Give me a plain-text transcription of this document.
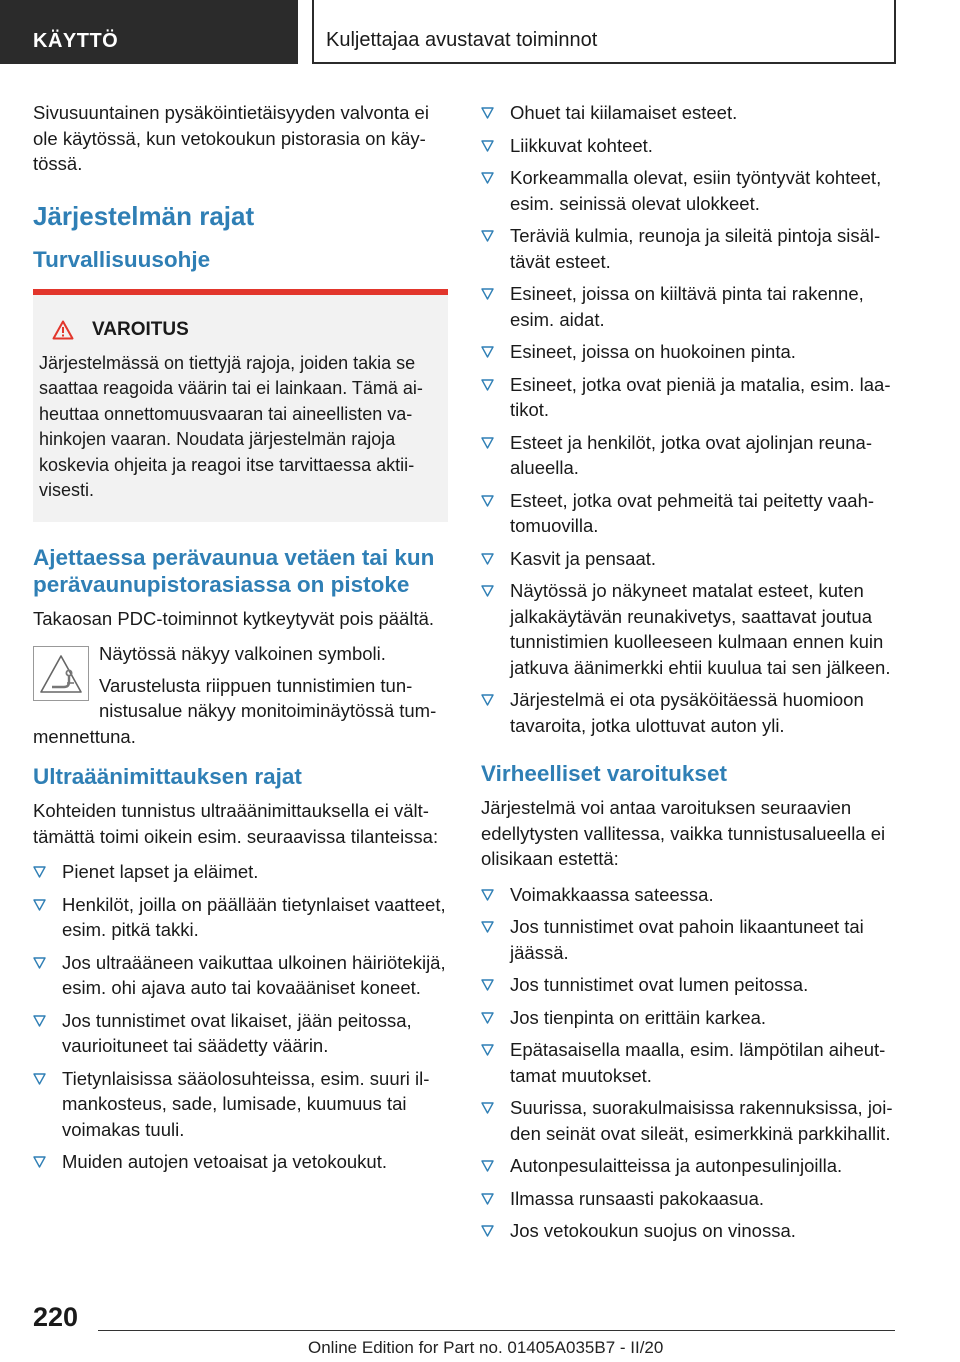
KÄYTTÖ	Kuljettajaa avustavat toiminnot

Sivusuuntainen pysäköintietäisyyden valvonta ei ole käytössä, kun vetokoukun pistorasia on käytössä.

Järjestelmän rajat
Turvallisuusohje
VAROITUS

Järjestelmässä on tiettyjä rajoja, joiden takia se saattaa reagoida väärin tai ei lainkaan. Tämä aiheuttaa onnettomuusvaaran tai aineellisten vahinkojen vaaran. Noudata järjestelmän rajoja koskevia ohjeita ja reagoi itse tarvittaessa aktiivisesti.

Ajettaessa perävaunua vetäen tai kun perävaunupistorasiassa on pistoke

Takaosan PDC-toiminnot kytkeytyvät pois päältä.

Näytössä näkyy valkoinen symboli.

Varustelusta riippuen tunnistimien tunnistusalue näkyy monitoiminäytössä tummennettuna.

Ultraäänimittauksen rajat

Kohteiden tunnistus ultraäänimittauksella ei välttämättä toimi oikein esim. seuraavissa tilanteissa:

Pienet lapset ja eläimet.
Henkilöt, joilla on päällään tietynlaiset vaatteet, esim. pitkä takki.
Jos ultraääneen vaikuttaa ulkoinen häiriötekijä, esim. ohi ajava auto tai kovaääniset koneet.
Jos tunnistimet ovat likaiset, jään peitossa, vaurioituneet tai säädetty väärin.
Tietynlaisissa sääolosuhteissa, esim. suuri ilmankosteus, sade, lumisade, kuumuus tai voimakas tuuli.
Muiden autojen vetoaisat ja vetokoukut.
Ohuet tai kiilamaiset esteet.
Liikkuvat kohteet.
Korkeammalla olevat, esiin työntyvät kohteet, esim. seinissä olevat ulokkeet.
Teräviä kulmia, reunoja ja sileitä pintoja sisältävät esteet.
Esineet, joissa on kiiltävä pinta tai rakenne, esim. aidat.
Esineet, joissa on huokoinen pinta.
Esineet, jotka ovat pieniä ja matalia, esim. laatikot.
Esteet ja henkilöt, jotka ovat ajolinjan reunaalueella.
Esteet, jotka ovat pehmeitä tai peitetty vaahtomuovilla.
Kasvit ja pensaat.
Näytössä jo näkyneet matalat esteet, kuten jalkakäytävän reunakivetys, saattavat joutua tunnistimien kuolleeseen kulmaan ennen kuin jatkuva äänimerkki ehtii kuulua tai sen jälkeen.
Järjestelmä ei ota pysäköitäessä huomioon tavaroita, jotka ulottuvat auton yli.
Virheelliset varoitukset

Järjestelmä voi antaa varoituksen seuraavien edellytysten vallitessa, vaikka tunnistusalueella ei olisikaan estettä:

Voimakkaassa sateessa.
Jos tunnistimet ovat pahoin likaantuneet tai jäässä.
Jos tunnistimet ovat lumen peitossa.
Jos tienpinta on erittäin karkea.
Epätasaisella maalla, esim. lämpötilan aiheuttamat muutokset.
Suurissa, suorakulmaisissa rakennuksissa, joiden seinät ovat sileät, esimerkkinä parkkihallit.
Autonpesulaitteissa ja autonpesulinjoilla.
Ilmassa runsaasti pakokaasua.
Jos vetokoukun suojus on vinossa.
220
Online Edition for Part no. 01405A035B7 - II/20
